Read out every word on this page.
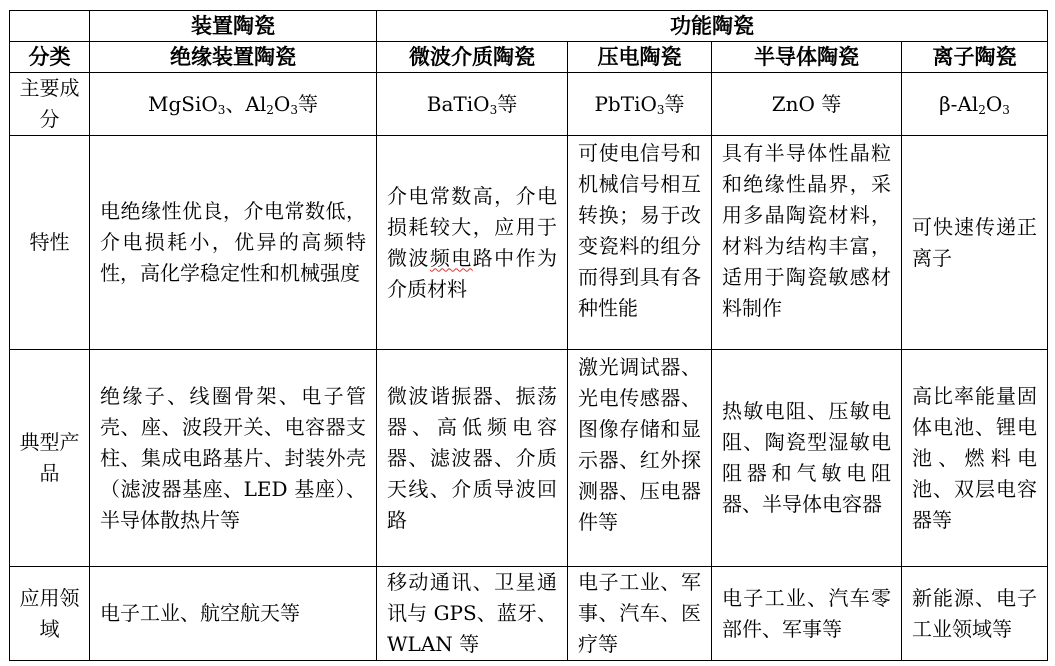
	装置陶瓷	功能陶瓷			
分类	绝缘装置陶瓷	微波介质陶瓷	压电陶瓷	半导体陶瓷	离子陶瓷
主要成分	MgSiO$_3$、$Al_2O_3$等	BaTiO$_3$等	PbTiO$_3$等	ZnO 等	$\beta-Al_2O_3$
特性	电绝缘性优良，介电常数低，介电损耗小，优异的高频特性，高化学稳定性和机械强度	介电常数高，介电损耗较大，应用于微波频电路中作为介质材料	可使电信号和机械信号相互转换；易于改变瓷料的组分而得到具有各种性能	具有半导体性晶粒和绝缘性晶界，采用多晶陶瓷材料，材料为结构丰富，适用于陶瓷敏感材料制作	可快速传递正离子
典型产品	绝缘子、线圈骨架、电子管壳、座、波段开关、电容器支柱、集成电路基片、封装外壳（滤波器基座、LED 基座）、半导体散热片等	微波谐振器、振荡器、高低频电容器、滤波器、介质天线、介质导波回路	激光调试器、光电传感器、图像存储和显示器、红外探测器、压电器件等	热敏电阻、压敏电阻、陶瓷型湿敏电阻器和气敏电阻器、半导体电容器	高比率能量固体电池、锂电池、燃料电池、双层电容器等
应用领域	电子工业、航空航天等	移动通讯、卫星通讯与 GPS、蓝牙、WLAN 等	电子工业、军事、汽车、医疗等	电子工业、汽车零部件、军事等	新能源、电子工业领域等
